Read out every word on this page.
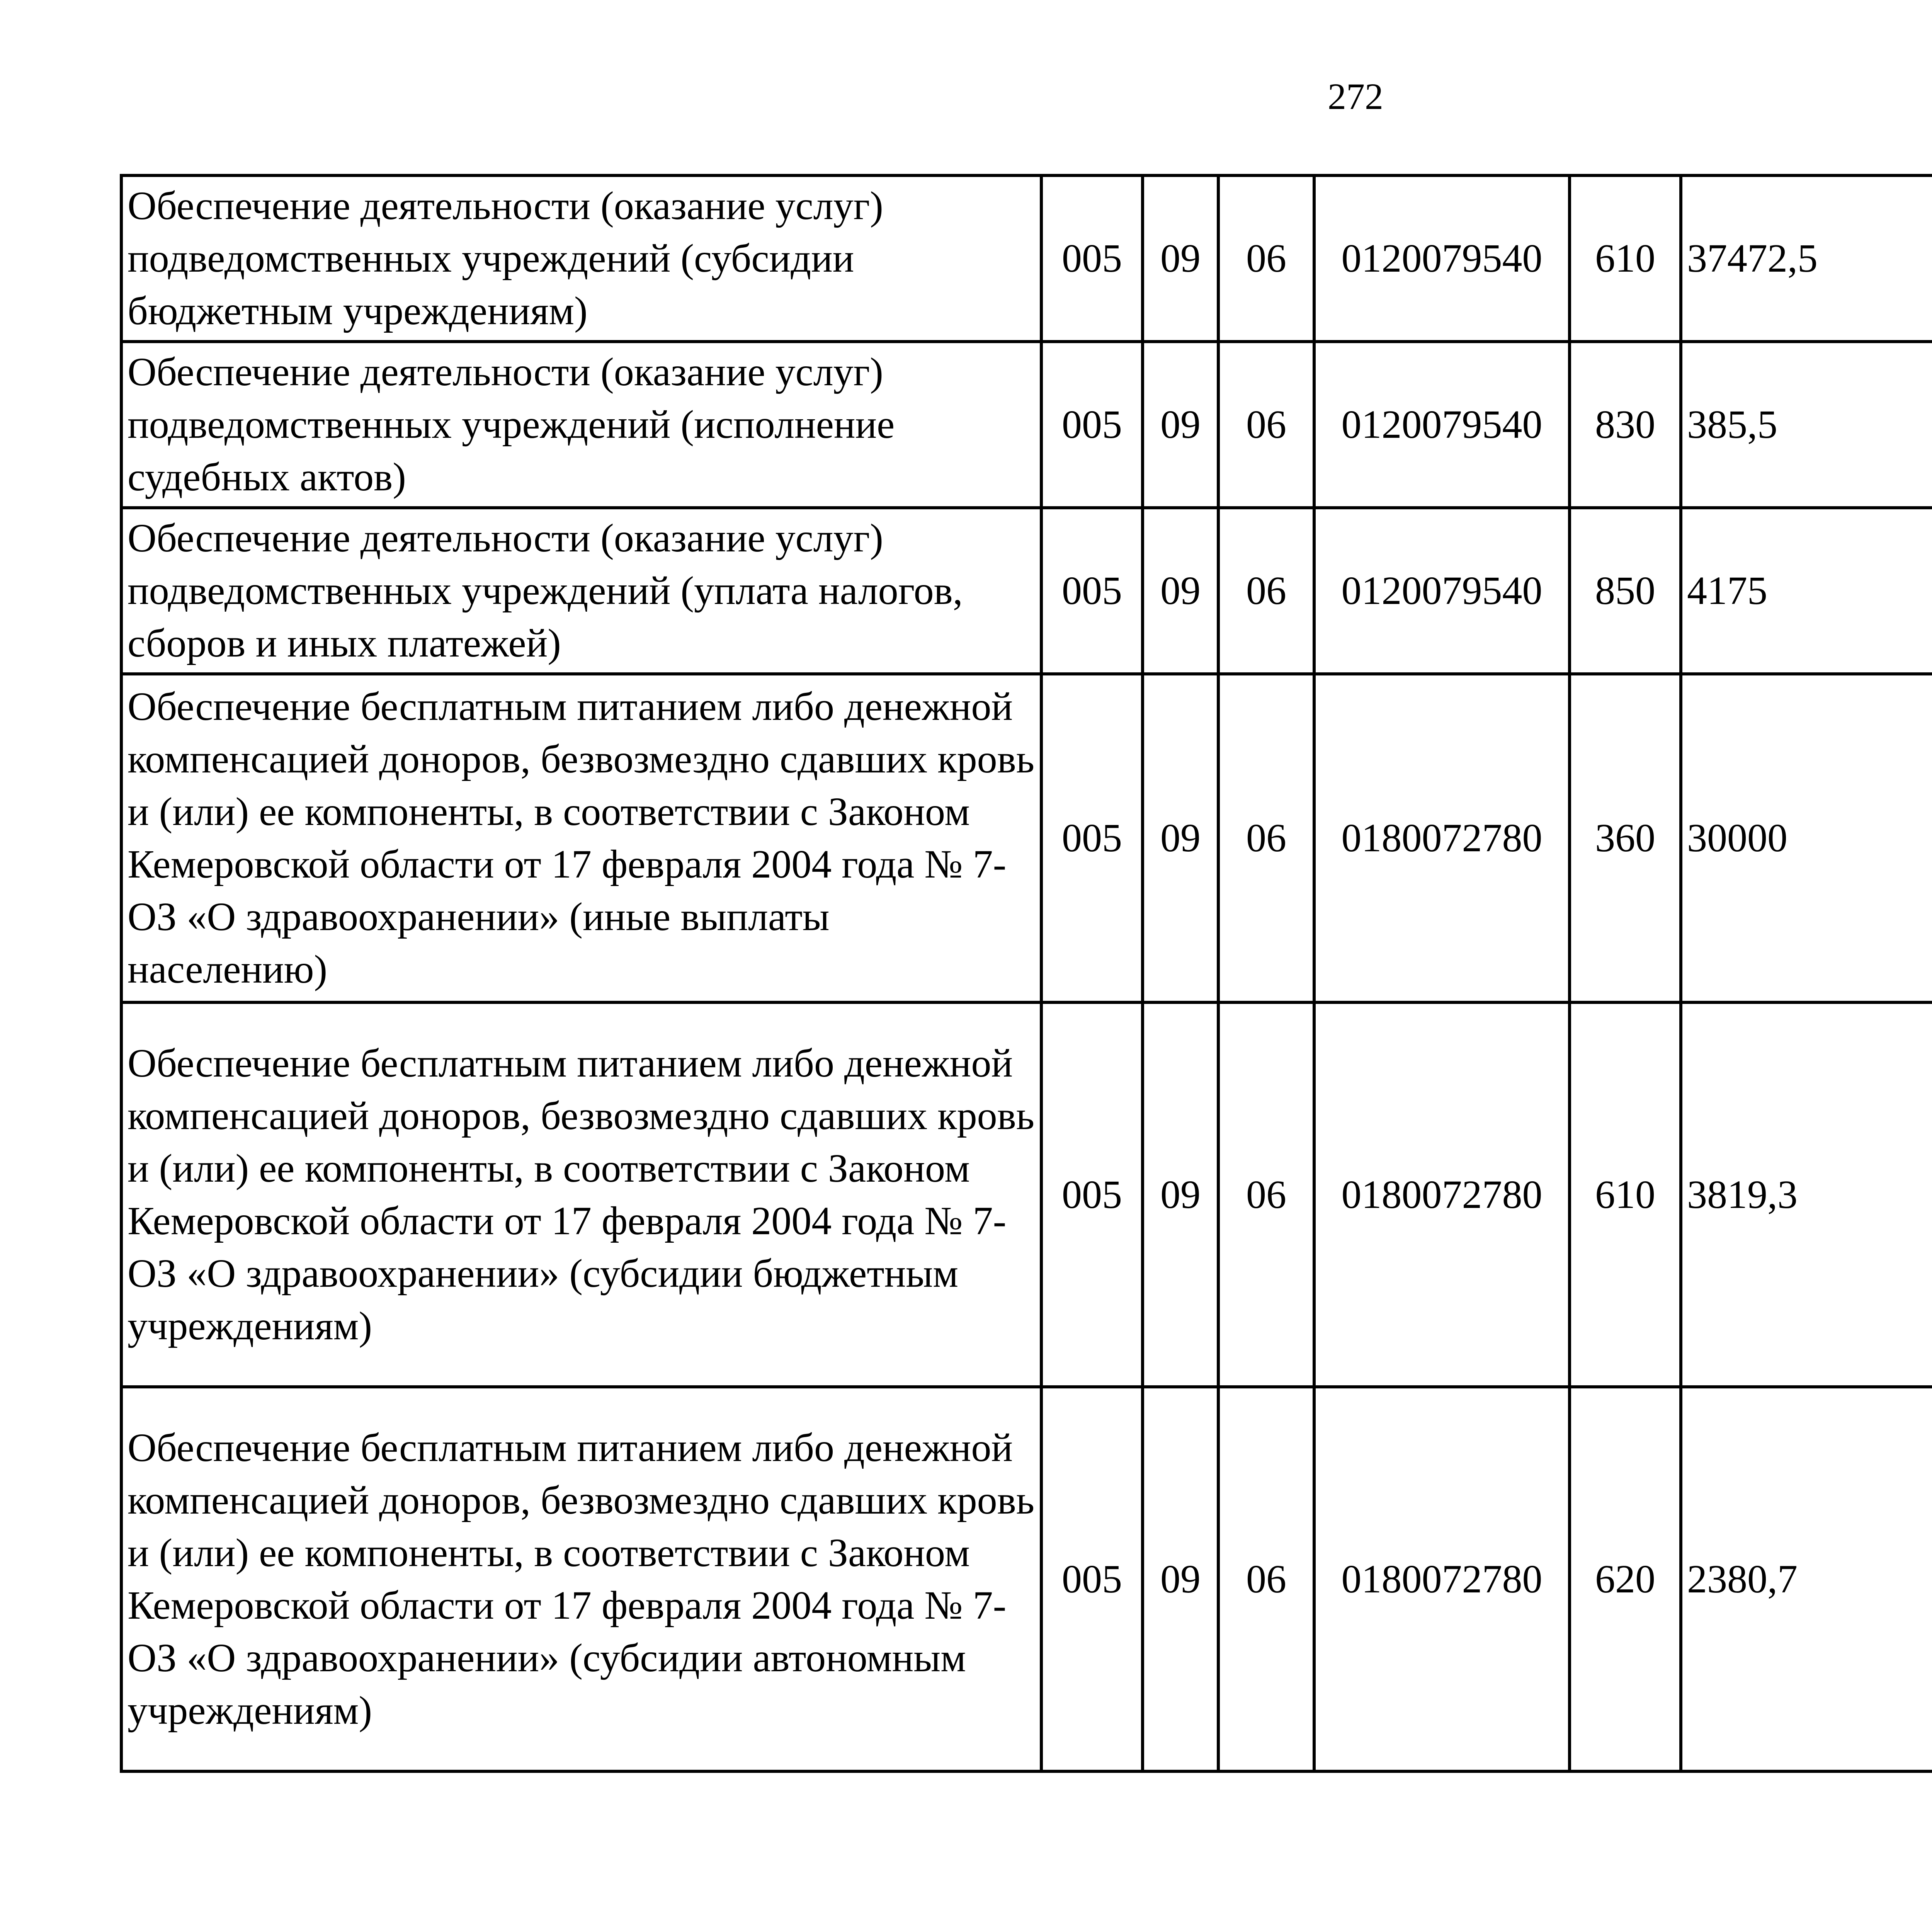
272
Обеспечение деятельности (оказание услуг) подведомственных учреждений (субсидии бюджетным учреждениям)	005	09	06	0120079540	610	37472,5		
Обеспечение деятельности (оказание услуг) подведомственных учреждений (исполнение судебных актов)	005	09	06	0120079540	830	385,5		
Обеспечение деятельности (оказание услуг) подведомственных учреждений (уплата налогов, сборов и иных платежей)	005	09	06	0120079540	850	4175		
Обеспечение бесплатным питанием либо денежной компенсацией доноров, безвозмездно сдавших кровь и (или) ее компоненты, в соответствии с Законом Кемеровской области от 17 февраля 2004 года № 7-ОЗ «О здравоохранении» (иные выплаты населению)	005	09	06	0180072780	360	30000		
Обеспечение бесплатным питанием либо денежной компенсацией доноров, безвозмездно сдавших кровь и (или) ее компоненты, в соответствии с Законом Кемеровской области от 17 февраля 2004 года № 7-ОЗ «О здравоохранении» (субсидии бюджетным учреждениям)	005	09	06	0180072780	610	3819,3		
Обеспечение бесплатным питанием либо денежной компенсацией доноров, безвозмездно сдавших кровь и (или) ее компоненты, в соответствии с Законом Кемеровской области от 17 февраля 2004 года № 7-ОЗ «О здравоохранении» (субсидии автономным учреждениям)	005	09	06	0180072780	620	2380,7		
